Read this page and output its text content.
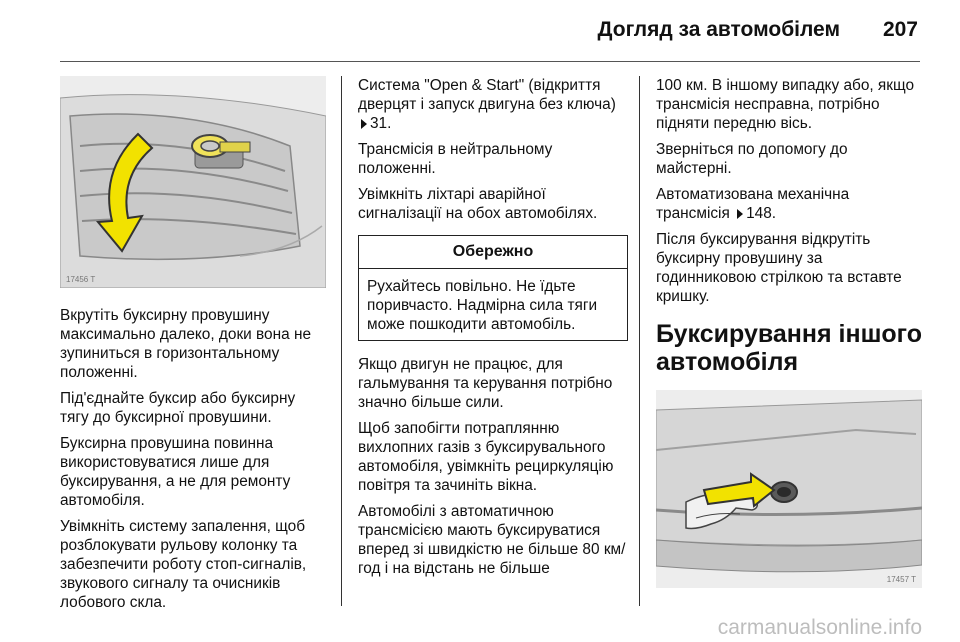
Догляд за автомобілем 207
17456 T

Вкрутіть буксирну провушину максимально далеко, доки вона не зупиниться в горизонтальному положенні.

Під'єднайте буксир або буксирну тягу до буксирної провушини.

Буксирна провушина повинна використовуватися лише для буксирування, а не для ремонту автомобіля.

Увімкніть систему запалення, щоб розблокувати рульову колонку та забезпечити роботу стоп-сигналів, звукового сигналу та очисників лобового скла.

Система "Open & Start" (відкриття дверцят і запуск двигуна без ключа) 31.

Трансмісія в нейтральному положенні.

Увімкніть ліхтарі аварійної сигналізації на обох автомобілях.

Обережно

Рухайтесь повільно. Не їдьте поривчасто. Надмірна сила тяги може пошкодити автомобіль.

Якщо двигун не працює, для гальмування та керування потрібно значно більше сили.

Щоб запобігти потраплянню вихлопних газів з буксирувального автомобіля, увімкніть рециркуляцію повітря та зачиніть вікна.

Автомобілі з автоматичною трансмісією мають буксируватися вперед зі швидкістю не більше 80 км/год і на відстань не більше

100 км. В іншому випадку або, якщо трансмісія несправна, потрібно підняти передню вісь.

Зверніться по допомогу до майстерні.

Автоматизована механічна трансмісія 148.

Після буксирування відкрутіть буксирну провушину за годинниковою стрілкою та вставте кришку.

Буксирування іншого автомобіля
17457 T
carmanualsonline.info
